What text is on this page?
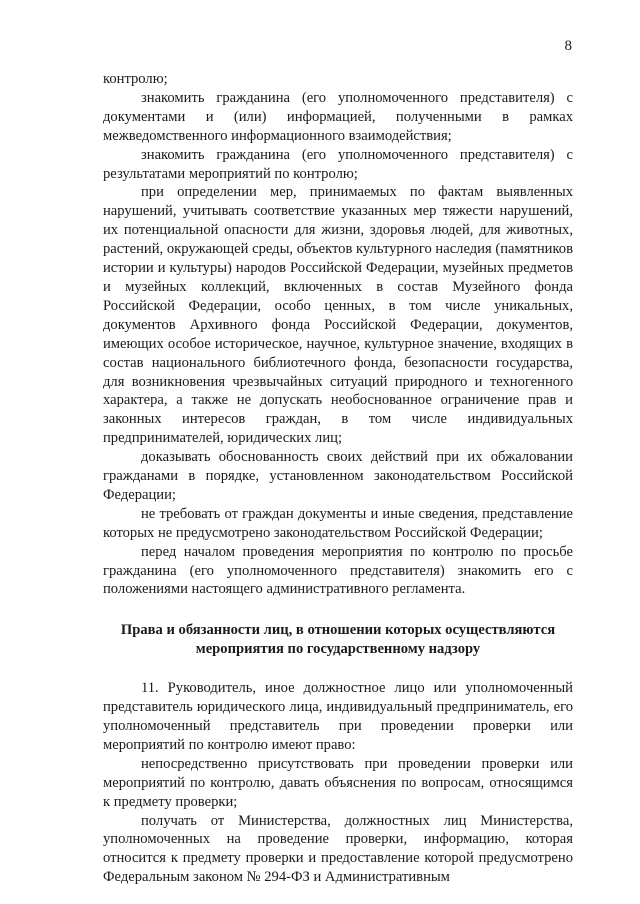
8

контролю;

знакомить гражданина (его уполномоченного представителя) с документами и (или) информацией, полученными в рамках межведомственного информационного взаимодействия;

знакомить гражданина (его уполномоченного представителя) с результатами мероприятий по контролю;

при определении мер, принимаемых по фактам выявленных нарушений, учитывать соответствие указанных мер тяжести нарушений, их потенциальной опасности для жизни, здоровья людей, для животных, растений, окружающей среды, объектов культурного наследия (памятников истории и культуры) народов Российской Федерации, музейных предметов и музейных коллекций, включенных в состав Музейного фонда Российской Федерации, особо ценных, в том числе уникальных, документов Архивного фонда Российской Федерации, документов, имеющих особое историческое, научное, культурное значение, входящих в состав национального библиотечного фонда, безопасности государства, для возникновения чрезвычайных ситуаций природного и техногенного характера, а также не допускать необоснованное ограничение прав и законных интересов граждан, в том числе индивидуальных предпринимателей, юридических лиц;

доказывать обоснованность своих действий при их обжаловании гражданами в порядке, установленном законодательством Российской Федерации;

не требовать от граждан документы и иные сведения, представление которых не предусмотрено законодательством Российской Федерации;

перед началом проведения мероприятия по контролю по просьбе гражданина (его уполномоченного представителя) знакомить его с положениями настоящего административного регламента.

Права и обязанности лиц, в отношении которых осуществляются мероприятия по государственному надзору

11. Руководитель, иное должностное лицо или уполномоченный представитель юридического лица, индивидуальный предприниматель, его уполномоченный представитель при проведении проверки или мероприятий по контролю имеют право:

непосредственно присутствовать при проведении проверки или мероприятий по контролю, давать объяснения по вопросам, относящимся к предмету проверки;

получать от Министерства, должностных лиц Министерства, уполномоченных на проведение проверки, информацию, которая относится к предмету проверки и предоставление которой предусмотрено Федеральным законом № 294-ФЗ и Административным
